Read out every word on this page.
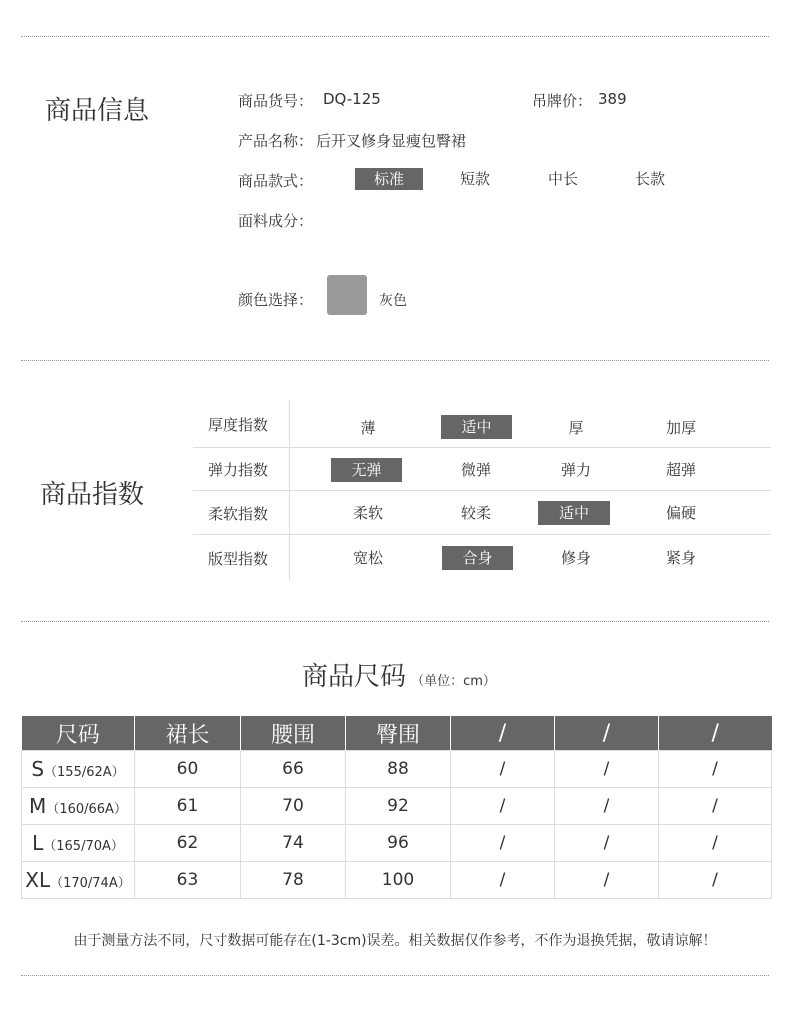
商品信息	商品货号： DQ-125	吊牌价： 389
产品名称： 后开叉修身显瘦包臀裙
商品款式：	标准	短款	中长	长款
面料成分：
颜色选择：	灰色
商品指数
厚度指数	薄	适中	厚	加厚
弹力指数	无弹	微弹	弹力	超弹
柔软指数	柔软	较柔	适中	偏硬
版型指数	宽松	合身	修身	紧身
商品尺码 （单位：cm）
尺码	裙长	腰围	臀围	/	/	/
S（155/62A）	60	66	88	/	/	/
M（160/66A）	61	70	92	/	/	/
L（165/70A）	62	74	96	/	/	/
XL（170/74A）	63	78	100	/	/	/
由于测量方法不同，尺寸数据可能存在(1-3cm)误差。相关数据仅作参考，不作为退换凭据，敬请谅解！
